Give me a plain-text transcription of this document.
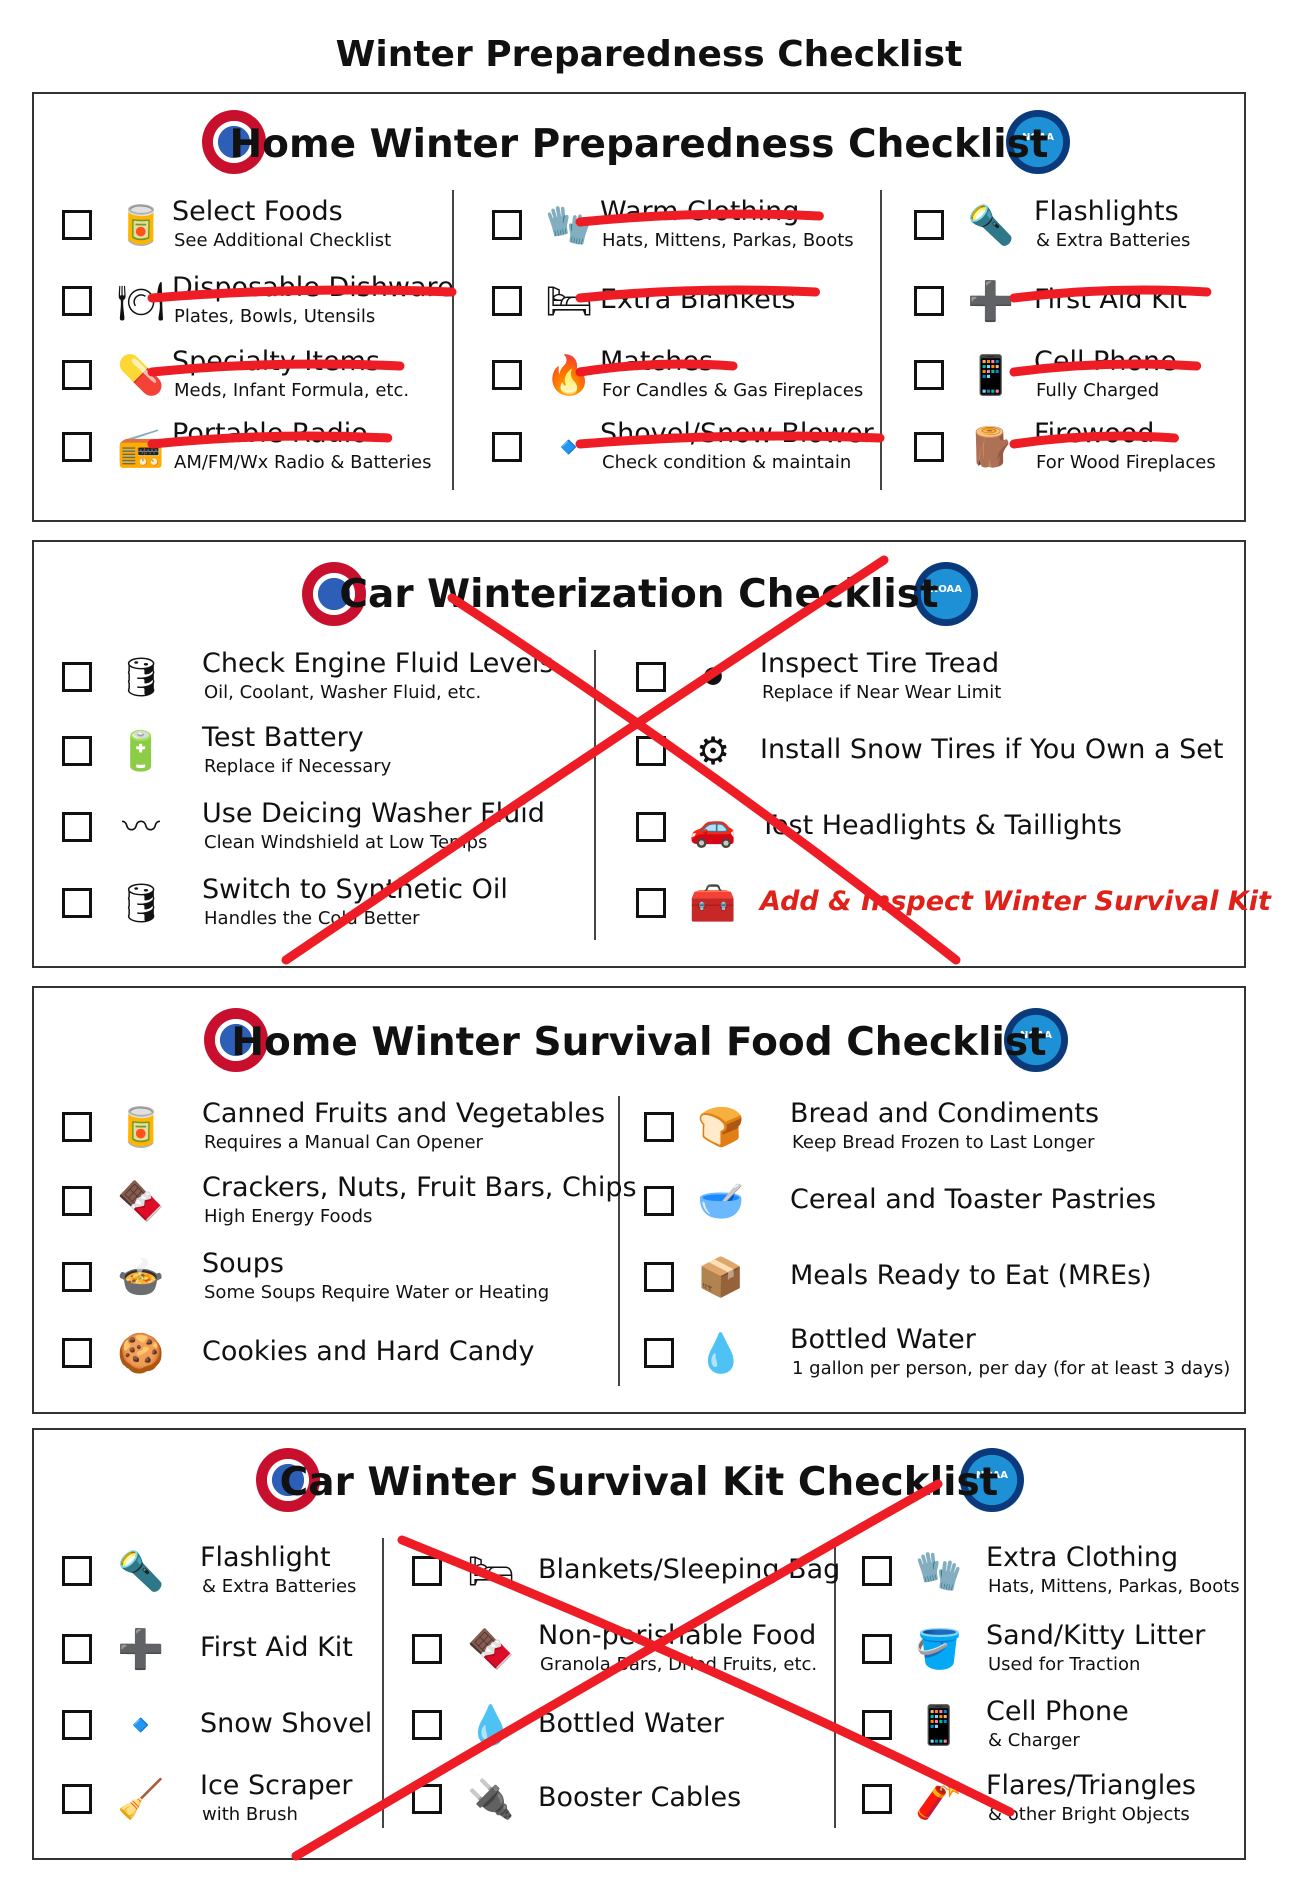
Winter Preparedness Checklist
NOAA
Home Winter Preparedness Checklist
NOAA
Car Winterization Checklist
NOAA
Home Winter Survival Food Checklist
NOAA
Car Winter Survival Kit Checklist
🥫 Select Foods
See Additional Checklist
🍽 Disposable Dishware
Plates, Bowls, Utensils
💊 Specialty Items
Meds, Infant Formula, etc.
📻 Portable Radio
AM/FM/Wx Radio & Batteries
🧤 Warm Clothing
Hats, Mittens, Parkas, Boots
🛏 Extra Blankets
🔥 Matches
For Candles & Gas Fireplaces
🔹 Shovel/Snow Blower
Check condition & maintain
🔦 Flashlights
& Extra Batteries
➕ First Aid Kit
📱 Cell Phone
Fully Charged
🪵 Firewood
For Wood Fireplaces
🛢 Check Engine Fluid Levels
Oil, Coolant, Washer Fluid, etc.
🔋 Test Battery
Replace if Necessary
〰	Use Deicing Washer Fluid
Clean Windshield at Low Temps
🛢 Switch to Synthetic Oil
Handles the Cold Better
⚫	Inspect Tire Tread
Replace if Near Wear Limit
⚙	Install Snow Tires if You Own a Set
🚗 Test Headlights & Taillights
🧰 Add & Inspect Winter Survival Kit
🥫 Canned Fruits and Vegetables
Requires a Manual Can Opener
🍫 Crackers, Nuts, Fruit Bars, Chips
High Energy Foods
🍲 Soups
Some Soups Require Water or Heating
🍪 Cookies and Hard Candy
🍞 Bread and Condiments
Keep Bread Frozen to Last Longer
🥣 Cereal and Toaster Pastries
📦 Meals Ready to Eat (MREs)
💧 Bottled Water
1 gallon per person, per day (for at least 3 days)
🔦 Flashlight
& Extra Batteries
➕ First Aid Kit
🔹 Snow Shovel
🧹 Ice Scraper
with Brush
🛏 Blankets/Sleeping Bag
🍫 Non-perishable Food
Granola Bars, Dried Fruits, etc.
💧 Bottled Water
🔌 Booster Cables
🧤 Extra Clothing
Hats, Mittens, Parkas, Boots
🪣 Sand/Kitty Litter
Used for Traction
📱 Cell Phone
& Charger
🧨 Flares/Triangles
& other Bright Objects
